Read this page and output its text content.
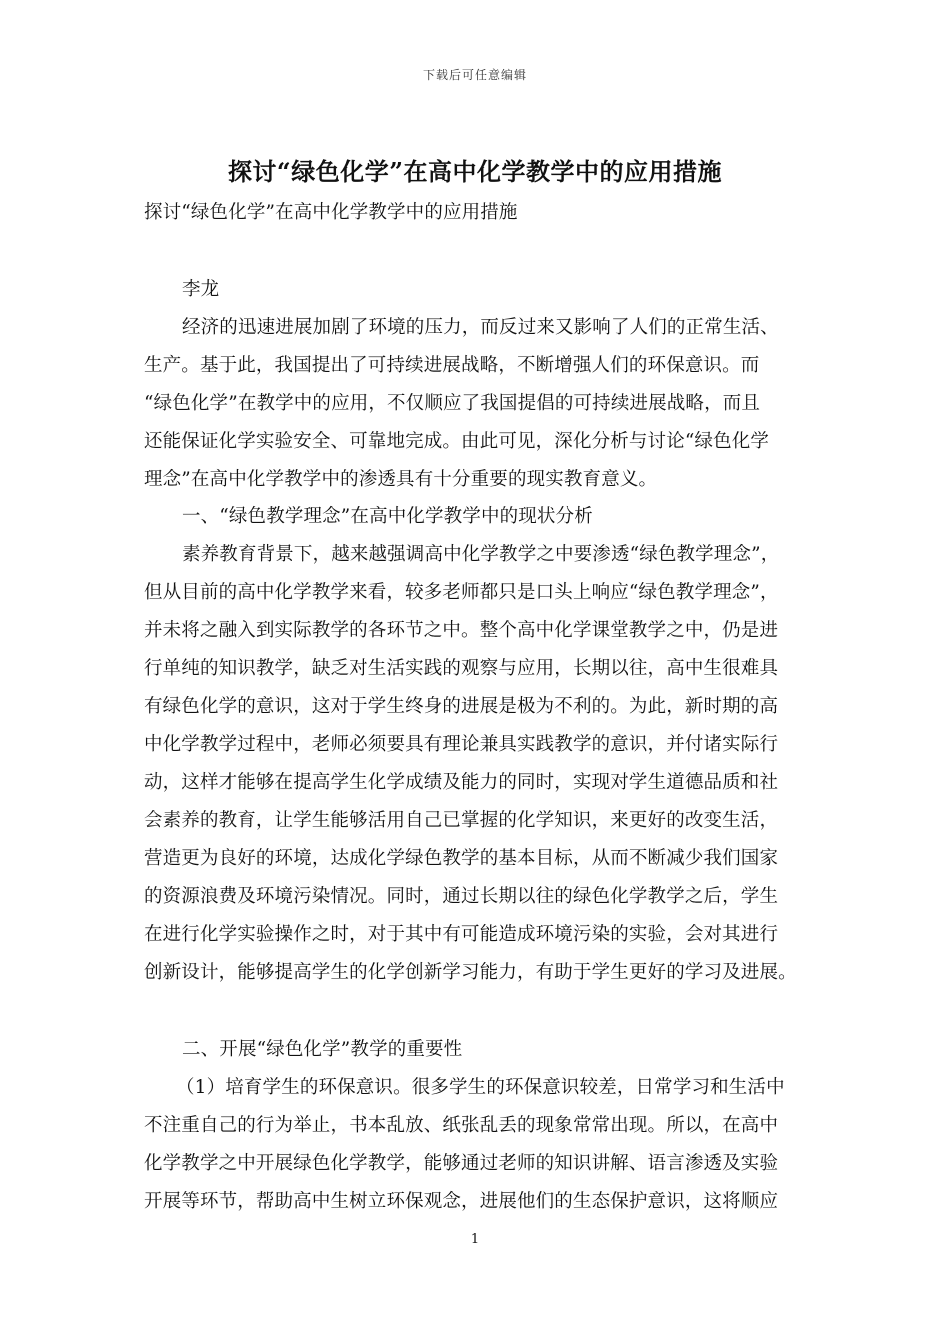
下载后可任意编辑
探讨“绿色化学”在高中化学教学中的应用措施
探讨“绿色化学”在高中化学教学中的应用措施
李龙
经济的迅速进展加剧了环境的压力，而反过来又影响了人们的正常生活、
生产。基于此，我国提出了可持续进展战略，不断增强人们的环保意识。而
“绿色化学”在教学中的应用，不仅顺应了我国提倡的可持续进展战略，而且
还能保证化学实验安全、可靠地完成。由此可见，深化分析与讨论“绿色化学
理念”在高中化学教学中的渗透具有十分重要的现实教育意义。
一、“绿色教学理念”在高中化学教学中的现状分析
素养教育背景下，越来越强调高中化学教学之中要渗透“绿色教学理念”，
但从目前的高中化学教学来看，较多老师都只是口头上响应“绿色教学理念”，
并未将之融入到实际教学的各环节之中。整个高中化学课堂教学之中，仍是进
行单纯的知识教学，缺乏对生活实践的观察与应用，长期以往，高中生很难具
有绿色化学的意识，这对于学生终身的进展是极为不利的。为此，新时期的高
中化学教学过程中，老师必须要具有理论兼具实践教学的意识，并付诸实际行
动，这样才能够在提高学生化学成绩及能力的同时，实现对学生道德品质和社
会素养的教育，让学生能够活用自己已掌握的化学知识，来更好的改变生活，
营造更为良好的环境，达成化学绿色教学的基本目标，从而不断减少我们国家
的资源浪费及环境污染情况。同时，通过长期以往的绿色化学教学之后，学生
在进行化学实验操作之时，对于其中有可能造成环境污染的实验，会对其进行
创新设计，能够提高学生的化学创新学习能力，有助于学生更好的学习及进展。
二、开展“绿色化学”教学的重要性
（1）培育学生的环保意识。很多学生的环保意识较差，日常学习和生活中
不注重自己的行为举止，书本乱放、纸张乱丢的现象常常出现。所以，在高中
化学教学之中开展绿色化学教学，能够通过老师的知识讲解、语言渗透及实验
开展等环节，帮助高中生树立环保观念，进展他们的生态保护意识，这将顺应
1
